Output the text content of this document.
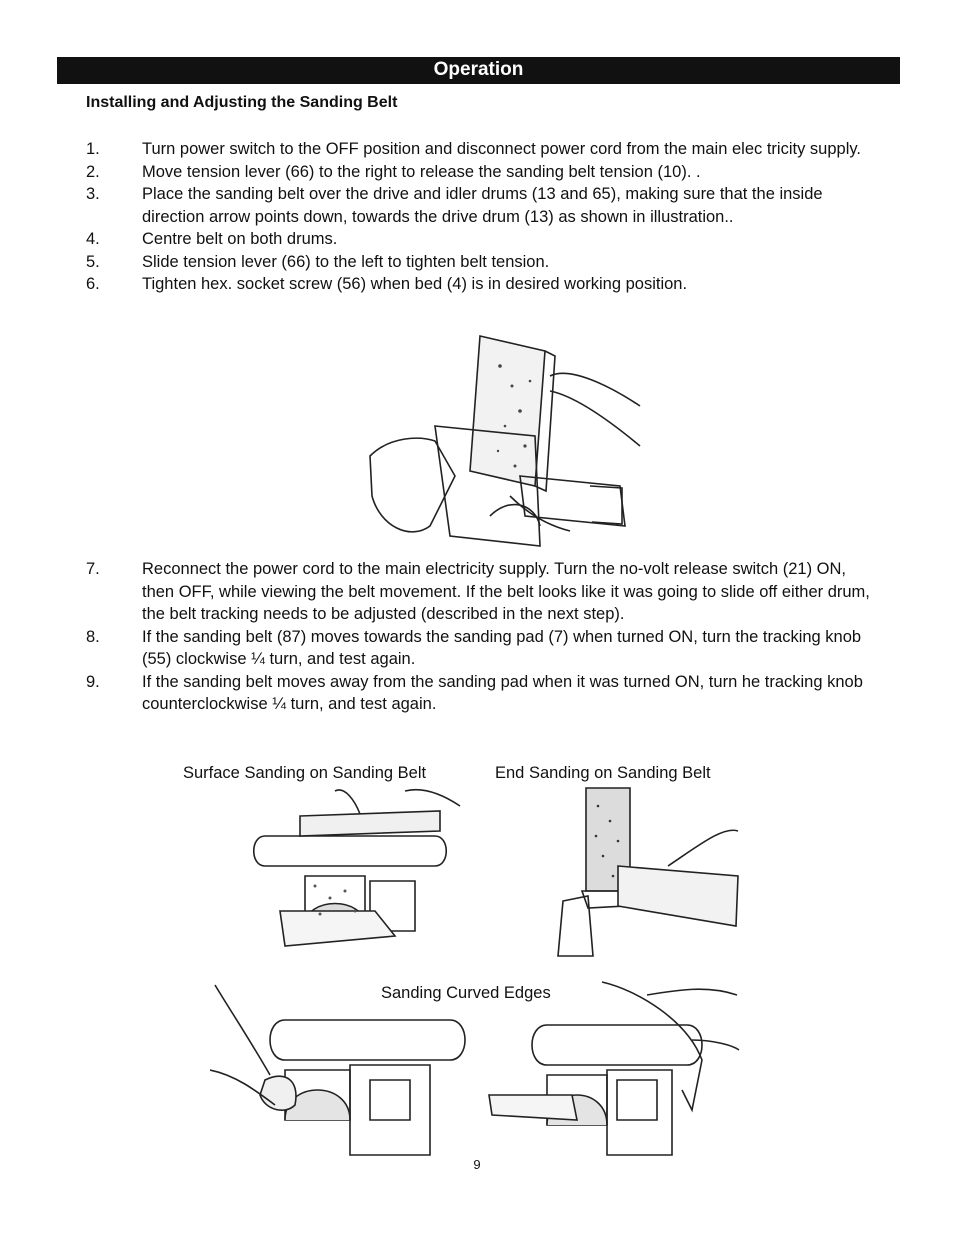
Operation
Installing and Adjusting the Sanding Belt
1.	Turn power switch to the OFF position and disconnect power cord from the main elec tricity supply.
2.	Move tension lever (66) to the right to release the sanding belt tension (10). .
3.	Place the sanding belt over the drive and idler drums (13 and 65), making sure that the inside direction arrow points down, towards the drive drum (13) as shown in illustration..
4.	Centre belt on both drums.
5.	Slide tension lever (66) to the left to tighten belt tension.
6.	Tighten hex. socket screw (56) when bed (4) is in desired working position.
7.	Reconnect the power cord to the main electricity supply. Turn the no-volt release switch (21) ON, then OFF, while viewing the belt movement. If the belt looks like it was going to slide off either drum, the belt tracking needs to be adjusted (described in the next step).
8.	If the sanding belt (87) moves towards the sanding pad (7) when turned ON, turn the tracking knob (55) clockwise ¼ turn, and test again.
9.	If the sanding belt moves away from the sanding pad when it was turned ON, turn he tracking knob counterclockwise ¼ turn, and test again.
Surface Sanding on Sanding Belt	End Sanding on Sanding Belt
Sanding Curved Edges
9
